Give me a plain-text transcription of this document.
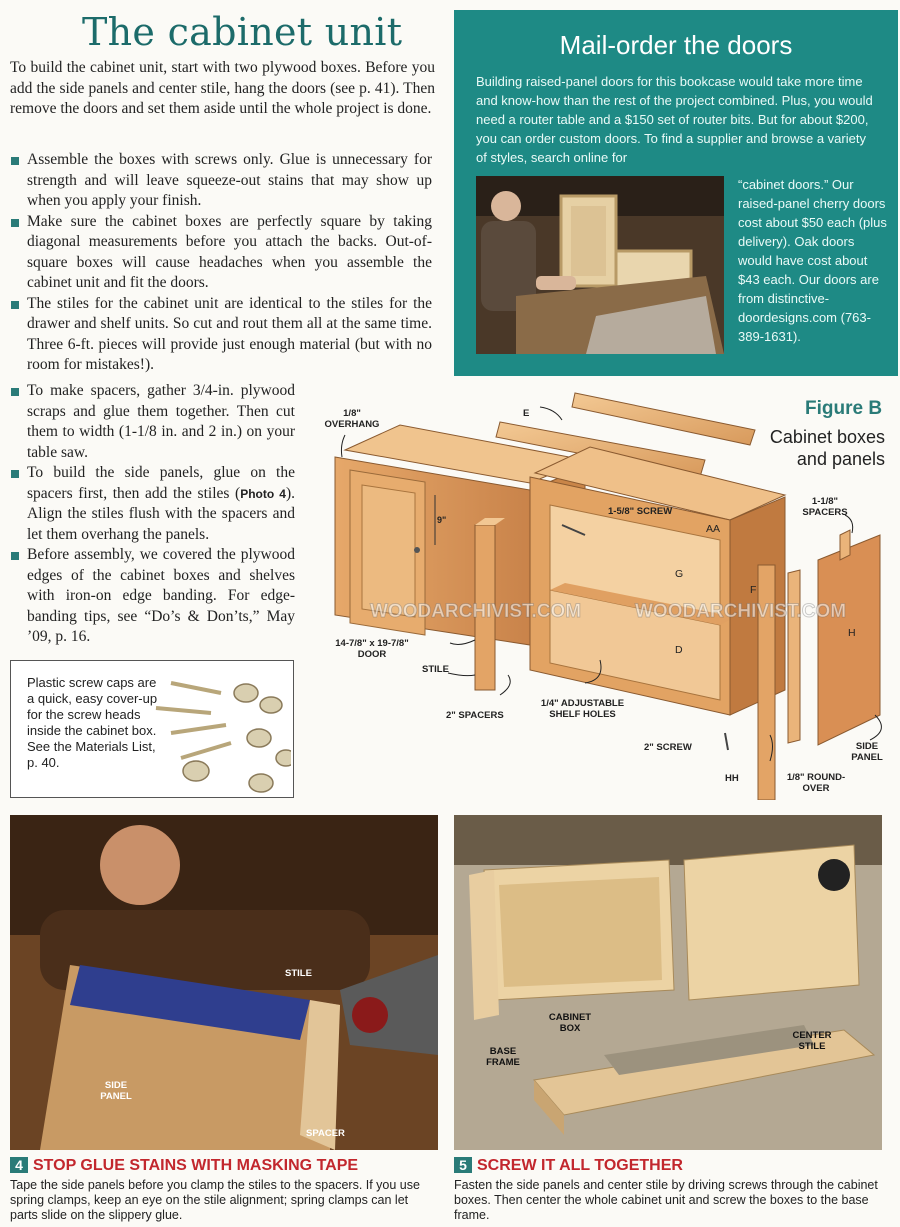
The cabinet unit
To build the cabinet unit, start with two plywood boxes. Before you add the side panels and center stile, hang the doors (see p. 41). Then remove the doors and set them aside until the whole project is done.
Assemble the boxes with screws only. Glue is unnecessary for strength and will leave squeeze-out stains that may show up when you apply your finish.
Make sure the cabinet boxes are perfectly square by taking diagonal measurements before you attach the backs. Out-of-square boxes will cause headaches when you assemble the cabinet unit and fit the doors.
The stiles for the cabinet unit are identical to the stiles for the drawer and shelf units. So cut and rout them all at the same time. Three 6-ft. pieces will provide just enough material (but with no room for mistakes!).
To make spacers, gather 3/4-in. plywood scraps and glue them together. Then cut them to width (1-1/8 in. and 2 in.) on your table saw.
To build the side panels, glue on the spacers first, then add the stiles (Photo 4). Align the stiles flush with the spacers and let them overhang the panels.
Before assembly, we covered the plywood edges of the cabinet boxes and shelves with iron-on edge banding. For edge-banding tips, see “Do’s & Don’ts,” May ’09, p. 16.
Mail-order the doors
Building raised-panel doors for this bookcase would take more time and know-how than the rest of the project combined. Plus, you would need a router table and a $150 set of router bits. But for about $200, you can order custom doors. To find a supplier and browse a variety of styles, search online for
“cabinet doors.” Our raised-panel cherry doors cost about $50 each (plus delivery). Oak doors would have cost about $43 each. Our doors are from distinctive-doordesigns.com (763-389-1631).
Figure B
Cabinet boxes and panels
WOODARCHIVIST.COM	WOODARCHIVIST.COM
1/8" OVERHANG
E
1-5/8" SCREW
AA
G
D
F
H
9"
14-7/8" x 19-7/8" DOOR
STILE
2" SPACERS
1/4" ADJUSTABLE SHELF HOLES
2" SCREW
HH	1/8" ROUND-OVER
1-1/8" SPACERS
SIDE PANEL
Plastic screw caps are a quick, easy cover-up for the screw heads inside the cabinet box. See the Materials List, p. 40.
STILE
SIDE PANEL
SPACER
4 STOP GLUE STAINS WITH MASKING TAPE
Tape the side panels before you clamp the stiles to the spacers. If you use spring clamps, keep an eye on the stile alignment; spring clamps can let parts slide on the slippery glue.
CABINET BOX
BASE FRAME
CENTER STILE
5 SCREW IT ALL TOGETHER
Fasten the side panels and center stile by driving screws through the cabinet boxes. Then center the whole cabinet unit and screw the boxes to the base frame.
